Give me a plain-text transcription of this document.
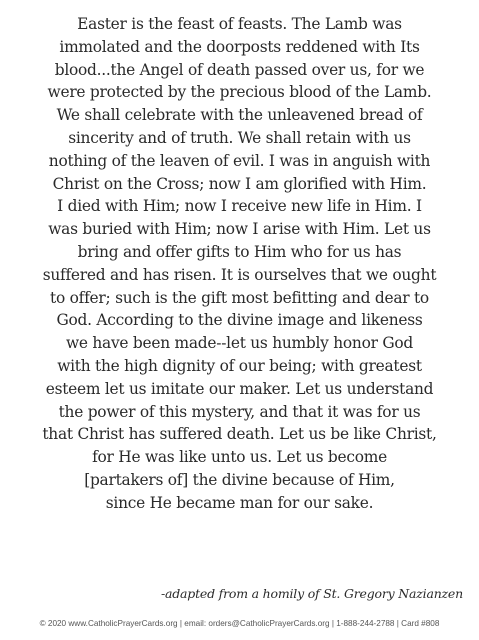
Easter is the feast of feasts. The Lamb was
immolated and the doorposts reddened with Its
blood...the Angel of death passed over us, for we
were protected by the precious blood of the Lamb.
We shall celebrate with the unleavened bread of
sincerity and of truth. We shall retain with us
nothing of the leaven of evil. I was in anguish with
Christ on the Cross; now I am glorified with Him.
I died with Him; now I receive new life in Him. I
was buried with Him; now I arise with Him. Let us
bring and offer gifts to Him who for us has
suffered and has risen. It is ourselves that we ought
to offer; such is the gift most befitting and dear to
God. According to the divine image and likeness
we have been made--let us humbly honor God
with the high dignity of our being; with greatest
esteem let us imitate our maker. Let us understand
the power of this mystery, and that it was for us
that Christ has suffered death. Let us be like Christ,
for He was like unto us. Let us become
[partakers of] the divine because of Him,
since He became man for our sake.
-adapted from a homily of St. Gregory Nazianzen
© 2020 www.CatholicPrayerCards.org | email: orders@CatholicPrayerCards.org | 1-888-244-2788 | Card #808
